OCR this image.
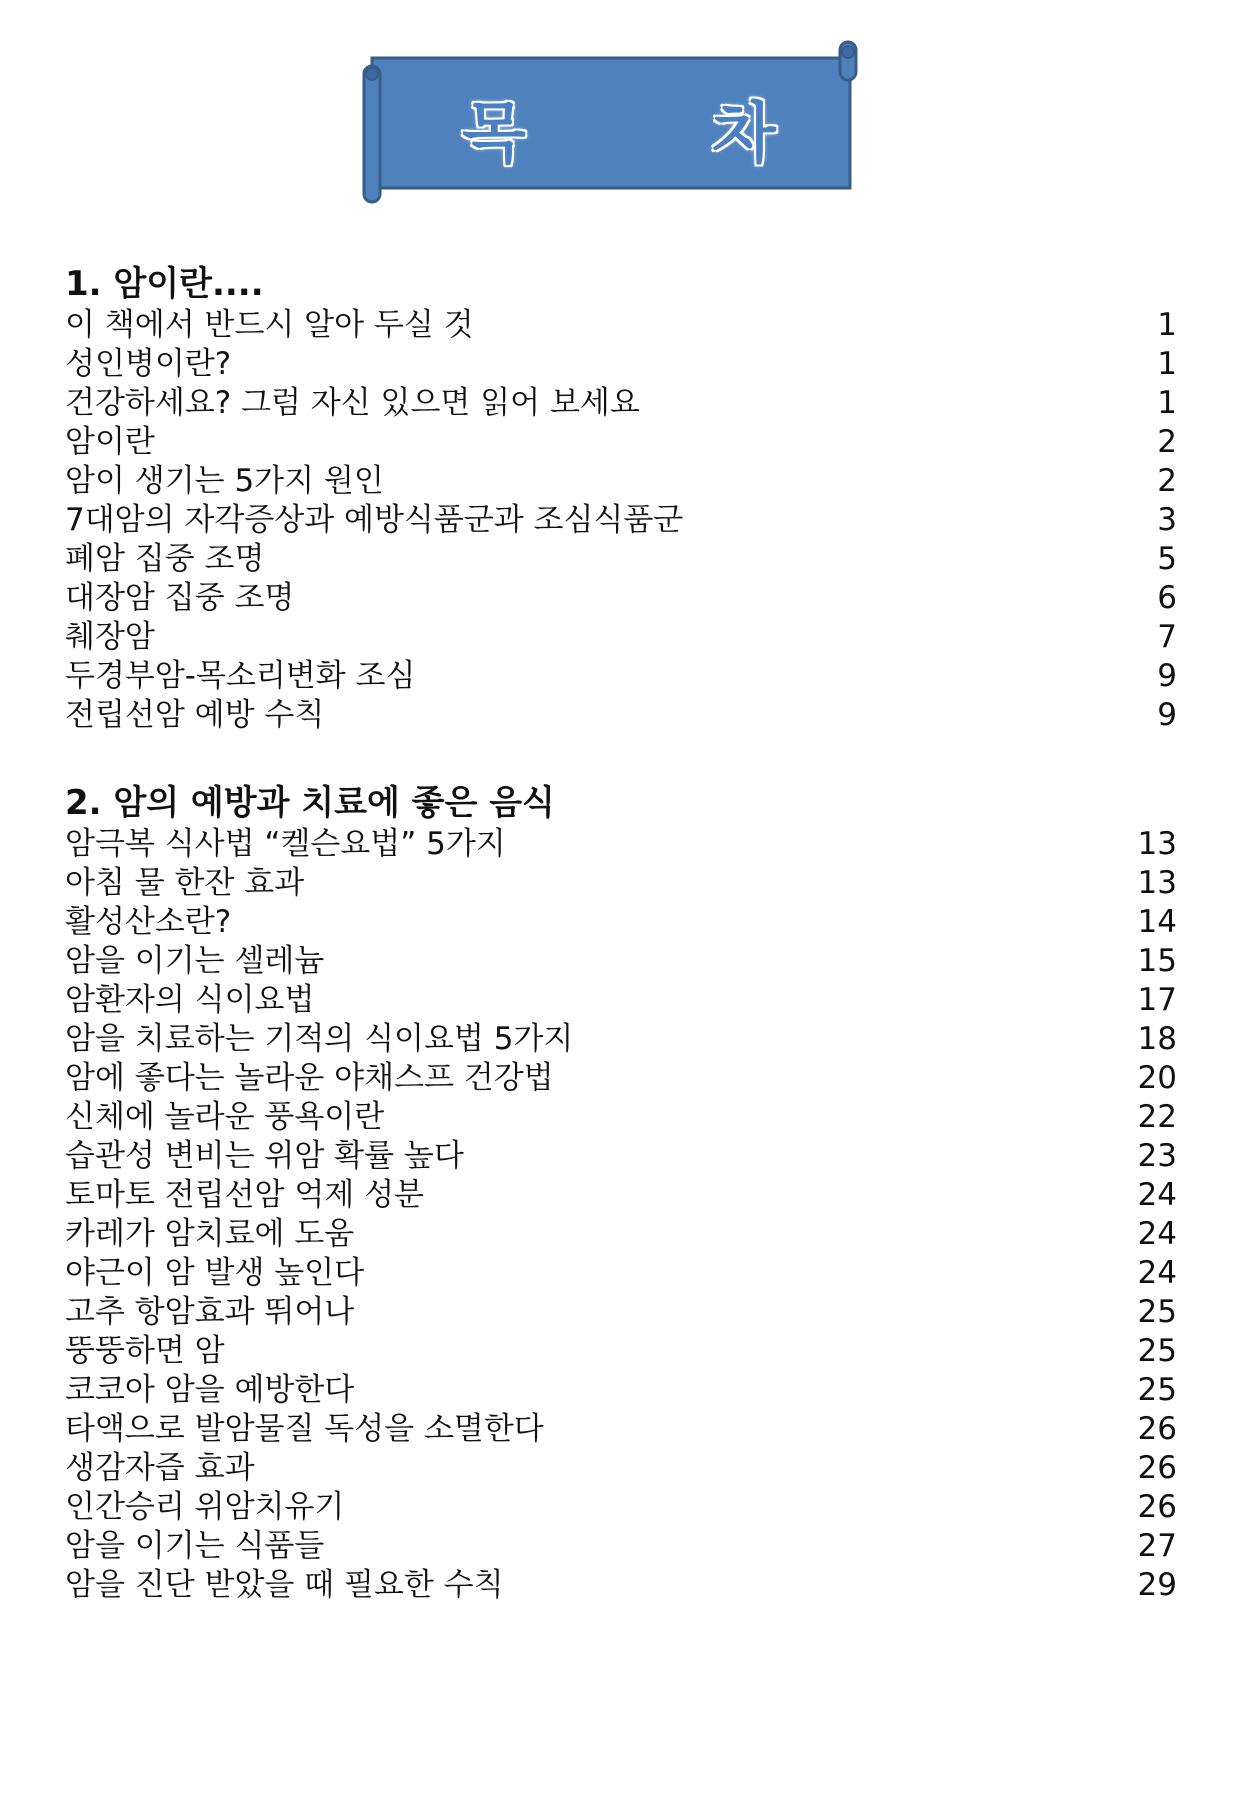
목	차
1. 암이란....
이 책에서 반드시 알아 두실 것	1
성인병이란?	1
건강하세요? 그럼 자신 있으면 읽어 보세요	1
암이란	2
암이 생기는 5가지 원인	2
7대암의 자각증상과 예방식품군과 조심식품군	3
폐암 집중 조명	5
대장암 집중 조명	6
췌장암	7
두경부암-목소리변화 조심	9
전립선암 예방 수칙	9
2. 암의 예방과 치료에 좋은 음식
암극복 식사법 “켈슨요법” 5가지	13
아침 물 한잔 효과	13
활성산소란?	14
암을 이기는 셀레늄	15
암환자의 식이요법	17
암을 치료하는 기적의 식이요법 5가지	18
암에 좋다는 놀라운 야채스프 건강법	20
신체에 놀라운 풍욕이란	22
습관성 변비는 위암 확률 높다	23
토마토 전립선암 억제 성분	24
카레가 암치료에 도움	24
야근이 암 발생 높인다	24
고추 항암효과 뛰어나	25
뚱뚱하면 암	25
코코아 암을 예방한다	25
타액으로 발암물질 독성을 소멸한다	26
생감자즙 효과	26
인간승리 위암치유기	26
암을 이기는 식품들	27
암을 진단 받았을 때 필요한 수칙	29
